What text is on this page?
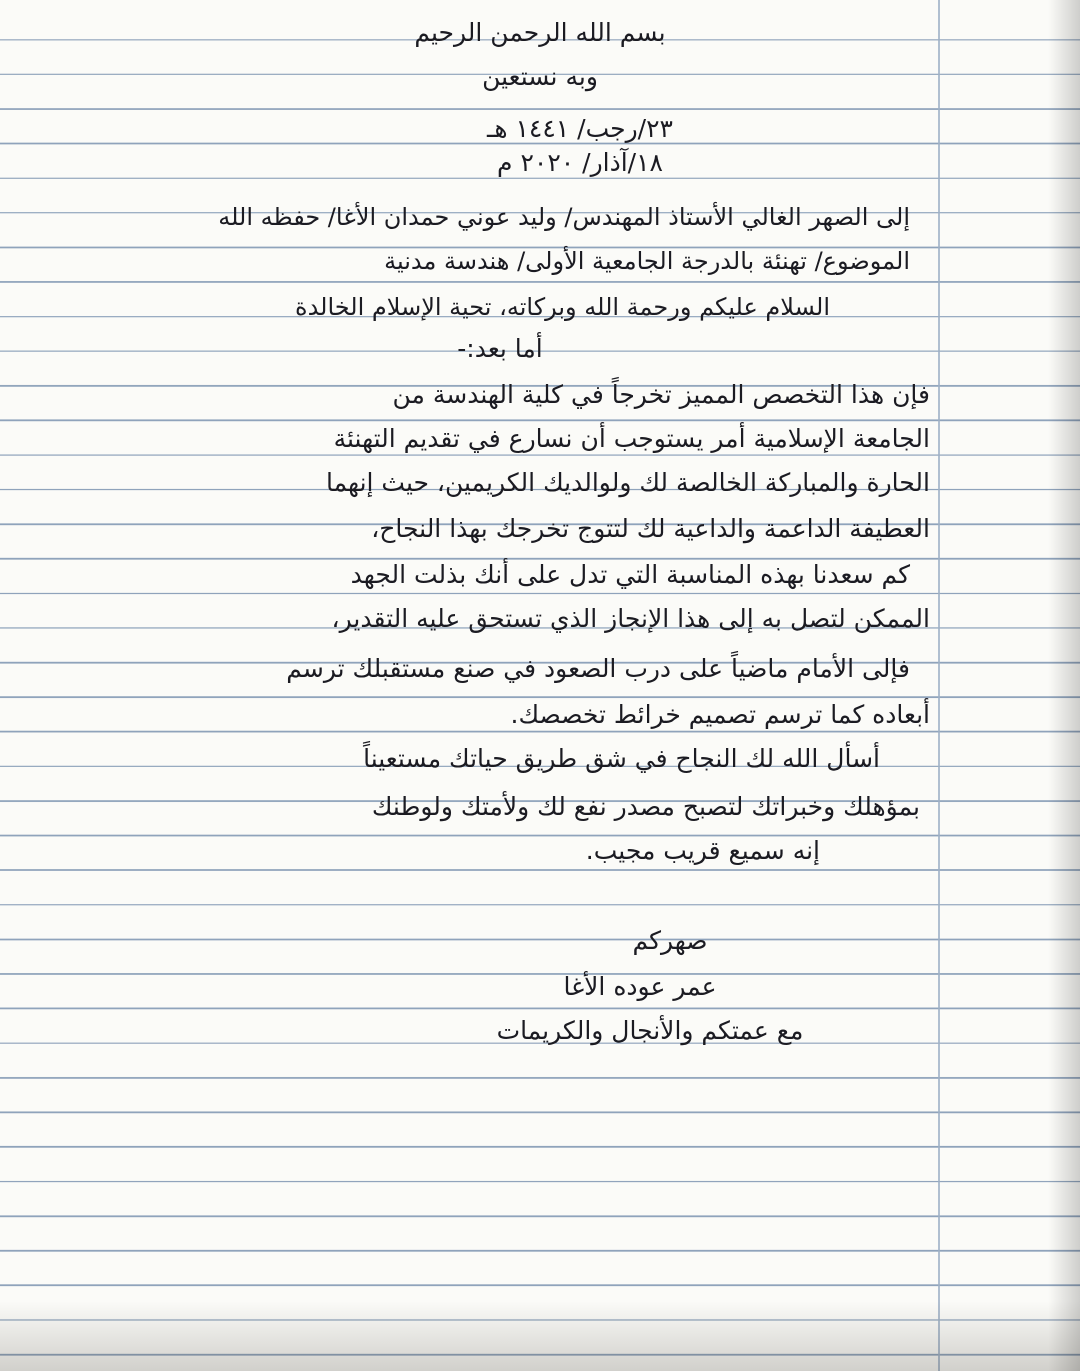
بسم الله الرحمن الرحيم
وبه نستعين
٢٣/رجب/ ١٤٤١ هـ
١٨/آذار/ ٢٠٢٠ م
إلى الصهر الغالي الأستاذ المهندس/ وليد عوني حمدان الأغا/ حفظه الله
الموضوع/ تهنئة بالدرجة الجامعية الأولى/ هندسة مدنية
السلام عليكم ورحمة الله وبركاته، تحية الإسلام الخالدة
أما بعد:-
فإن هذا التخصص المميز تخرجاً في كلية الهندسة من
الجامعة الإسلامية أمر يستوجب أن نسارع في تقديم التهنئة
الحارة والمباركة الخالصة لك ولوالديك الكريمين، حيث إنهما
العطيفة الداعمة والداعية لك لتتوج تخرجك بهذا النجاح،
كم سعدنا بهذه المناسبة التي تدل على أنك بذلت الجهد
الممكن لتصل به إلى هذا الإنجاز الذي تستحق عليه التقدير،
فإلى الأمام ماضياً على درب الصعود في صنع مستقبلك ترسم
أبعاده كما ترسم تصميم خرائط تخصصك.
أسأل الله لك النجاح في شق طريق حياتك مستعيناً
بمؤهلك وخبراتك لتصبح مصدر نفع لك ولأمتك ولوطنك
إنه سميع قريب مجيب.
صهركم
عمر عوده الأغا
مع عمتكم والأنجال والكريمات
